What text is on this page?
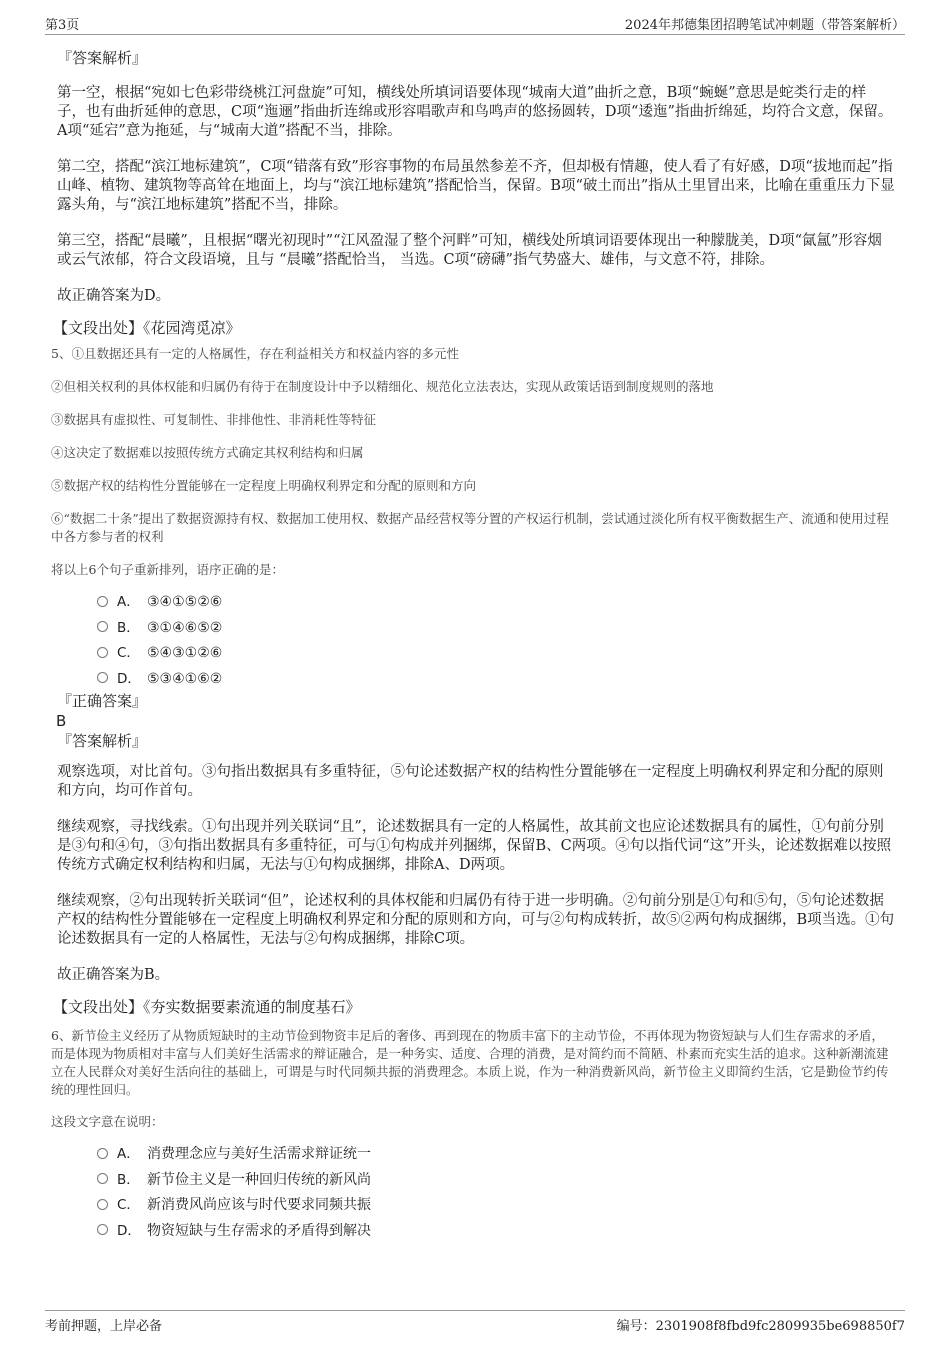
第3页	2024年邦德集团招聘笔试冲刺题（带答案解析）

『答案解析』

第一空，根据“宛如七色彩带绕桃江河盘旋”可知，横线处所填词语要体现“城南大道”曲折之意，B项“蜿蜒”意思是蛇类行走的样子，也有曲折延伸的意思，C项“迤逦”指曲折连绵或形容唱歌声和鸟鸣声的悠扬圆转，D项“逶迤”指曲折绵延，均符合文意，保留。A项“延宕”意为拖延，与“城南大道”搭配不当，排除。

第二空，搭配“滨江地标建筑”，C项“错落有致”形容事物的布局虽然参差不齐，但却极有情趣，使人看了有好感，D项“拔地而起”指山峰、植物、建筑物等高耸在地面上，均与“滨江地标建筑”搭配恰当，保留。B项“破土而出”指从土里冒出来，比喻在重重压力下显露头角，与“滨江地标建筑”搭配不当，排除。

第三空，搭配“晨曦”，且根据“曙光初现时”“江风盈湿了整个河畔”可知，横线处所填词语要体现出一种朦胧美，D项“氤氲”形容烟或云气浓郁，符合文段语境，且与 “晨曦”搭配恰当， 当选。C项“磅礴”指气势盛大、雄伟，与文意不符，排除。

故正确答案为D。

【文段出处】《花园湾觅凉》

5、①且数据还具有一定的人格属性，存在利益相关方和权益内容的多元性

②但相关权利的具体权能和归属仍有待于在制度设计中予以精细化、规范化立法表达，实现从政策话语到制度规则的落地

③数据具有虚拟性、可复制性、非排他性、非消耗性等特征

④这决定了数据难以按照传统方式确定其权利结构和归属

⑤数据产权的结构性分置能够在一定程度上明确权利界定和分配的原则和方向

⑥“数据二十条”提出了数据资源持有权、数据加工使用权、数据产品经营权等分置的产权运行机制，尝试通过淡化所有权平衡数据生产、流通和使用过程中各方参与者的权利

将以上6个句子重新排列，语序正确的是：

A． ③④①⑤②⑥
B． ③①④⑥⑤②
C． ⑤④③①②⑥
D． ⑤③④①⑥②

『正确答案』

B

『答案解析』

观察选项，对比首句。③句指出数据具有多重特征，⑤句论述数据产权的结构性分置能够在一定程度上明确权利界定和分配的原则和方向，均可作首句。

继续观察，寻找线索。①句出现并列关联词“且”，论述数据具有一定的人格属性，故其前文也应论述数据具有的属性，①句前分别是③句和④句，③句指出数据具有多重特征，可与①句构成并列捆绑，保留B、C两项。④句以指代词“这”开头，论述数据难以按照传统方式确定权利结构和归属，无法与①句构成捆绑，排除A、D两项。

继续观察，②句出现转折关联词“但”，论述权利的具体权能和归属仍有待于进一步明确。②句前分别是①句和⑤句，⑤句论述数据产权的结构性分置能够在一定程度上明确权利界定和分配的原则和方向，可与②句构成转折，故⑤②两句构成捆绑，B项当选。①句论述数据具有一定的人格属性，无法与②句构成捆绑，排除C项。

故正确答案为B。

【文段出处】《夯实数据要素流通的制度基石》

6、新节俭主义经历了从物质短缺时的主动节俭到物资丰足后的奢侈、再到现在的物质丰富下的主动节俭，不再体现为物资短缺与人们生存需求的矛盾，而是体现为物质相对丰富与人们美好生活需求的辩证融合，是一种务实、适度、合理的消费，是对简约而不简陋、朴素而充实生活的追求。这种新潮流建立在人民群众对美好生活向往的基础上，可谓是与时代同频共振的消费理念。本质上说，作为一种消费新风尚，新节俭主义即简约生活，它是勤俭节约传统的理性回归。

这段文字意在说明：

A． 消费理念应与美好生活需求辩证统一
B． 新节俭主义是一种回归传统的新风尚
C． 新消费风尚应该与时代要求同频共振
D． 物资短缺与生存需求的矛盾得到解决
考前押题，上岸必备	编号：2301908f8fbd9fc2809935be698850f7
